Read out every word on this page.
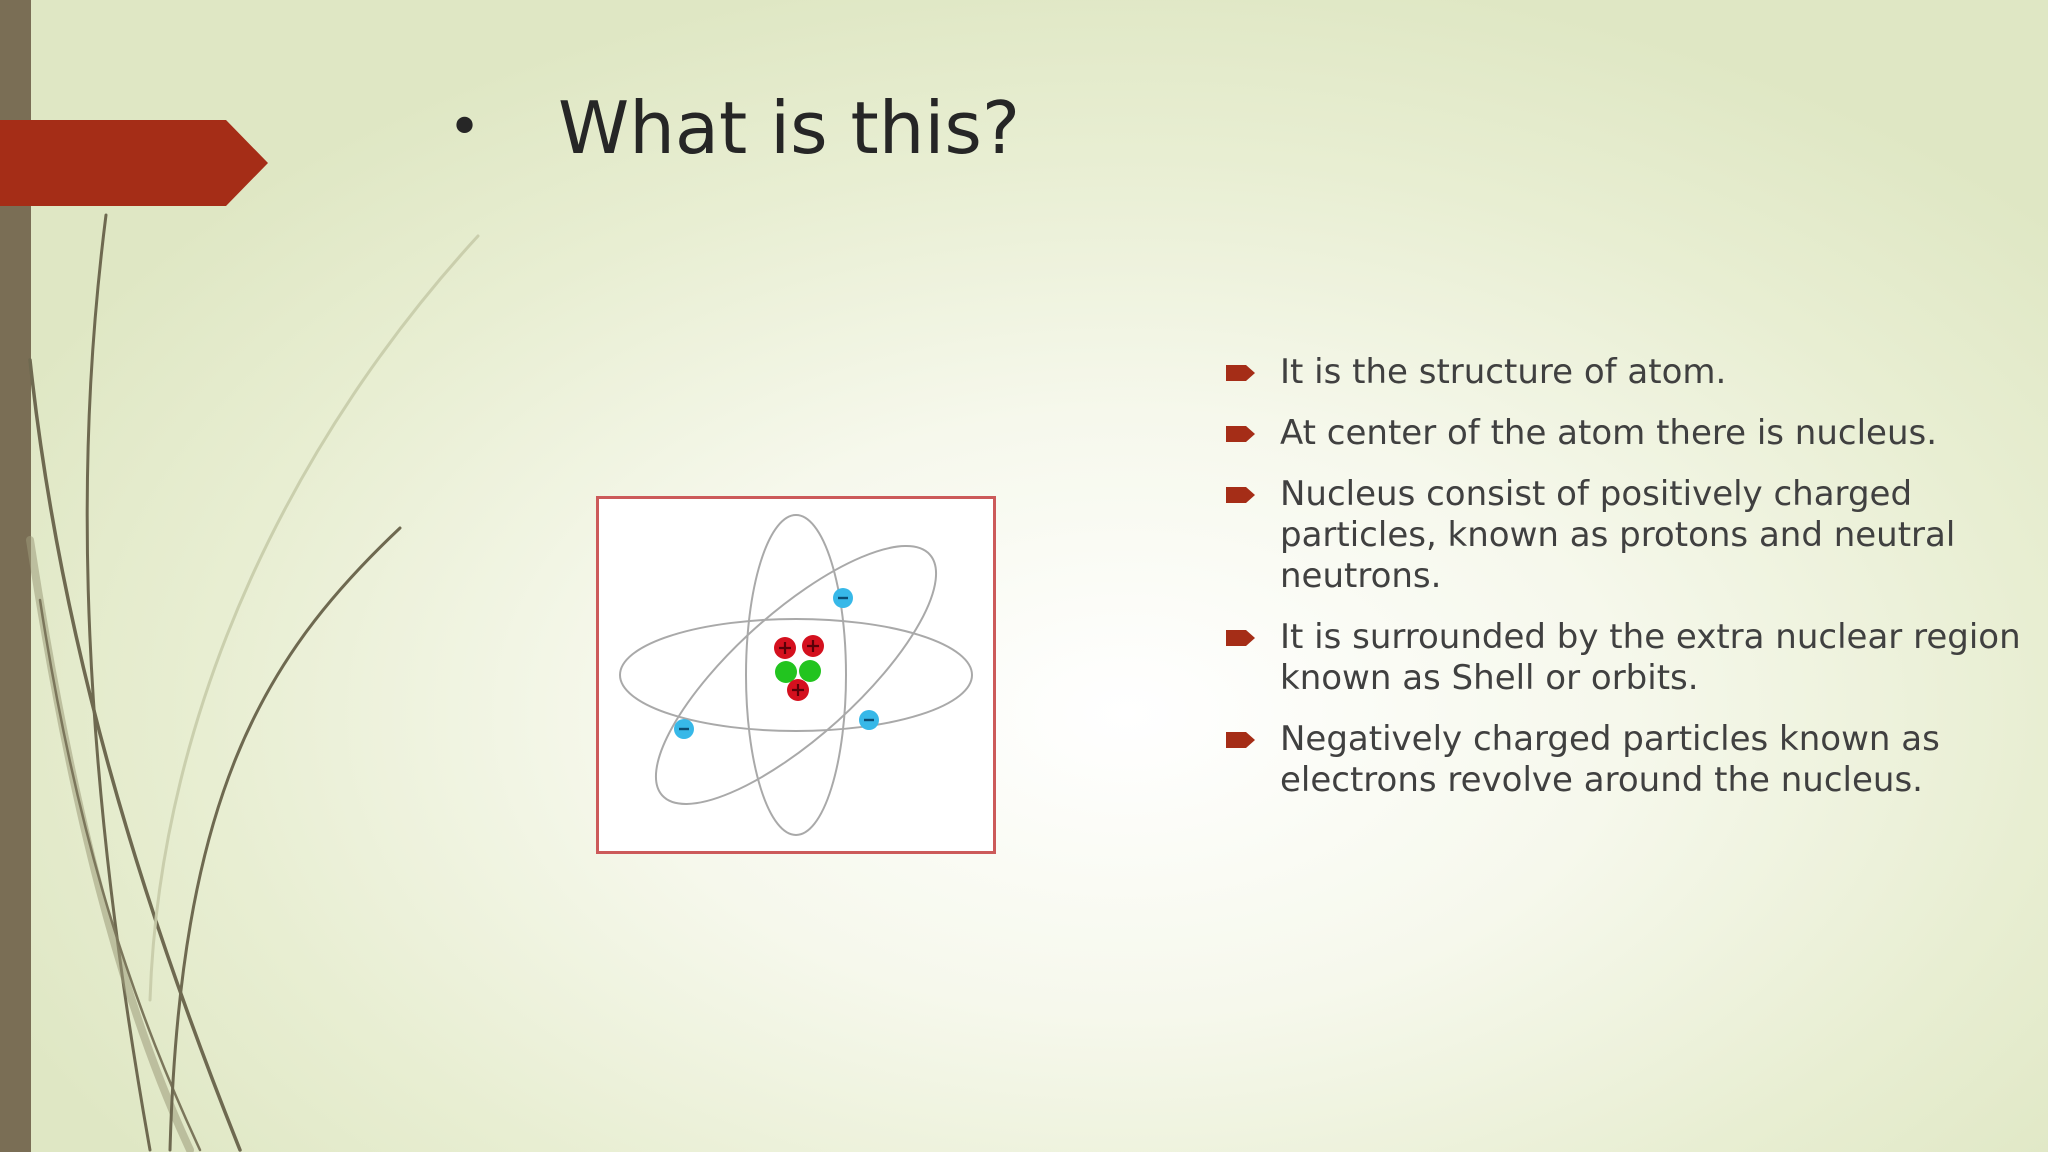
• What is this?
It is the structure of atom.
At center of the atom there is nucleus.
Nucleus consist of positively charged particles, known as protons and neutral neutrons.
It is surrounded by the extra nuclear region known as Shell or orbits.
Negatively charged particles known as electrons revolve around the nucleus.
